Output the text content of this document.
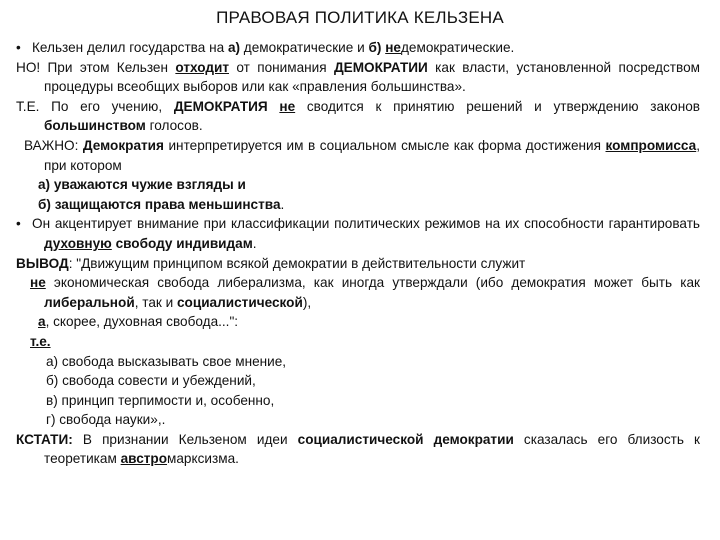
ПРАВОВАЯ ПОЛИТИКА КЕЛЬЗЕНА

• Кельзен делил государства на а) демократические и б) недемократические.

НО! При этом Кельзен отходит от понимания ДЕМОКРАТИИ как власти, установленной посредством процедуры всеобщих выборов или как «правления большинства».

Т.Е. По его учению, ДЕМОКРАТИЯ не сводится к принятию решений и утверждению законов большинством голосов.

ВАЖНО: Демократия интерпретируется им в социальном смысле как форма достижения компромисса, при котором

а) уважаются чужие взгляды и

б) защищаются права меньшинства.

• Он акцентирует внимание при классификации политических режимов на их способности гарантировать духовную свободу индивидам.

ВЫВОД: "Движущим принципом всякой демократии в действительности служит

не экономическая свобода либерализма, как иногда утверждали (ибо демократия может быть как либеральной, так и социалистической),

а, скорее, духовная свобода...":

т.е.

а) свобода высказывать свое мнение,

б) свобода совести и убеждений,

в) принцип терпимости и, особенно,

г) свобода науки»,.

КСТАТИ: В признании Кельзеном идеи социалистической демократии сказалась его близость к теоретикам австромарксизма.
